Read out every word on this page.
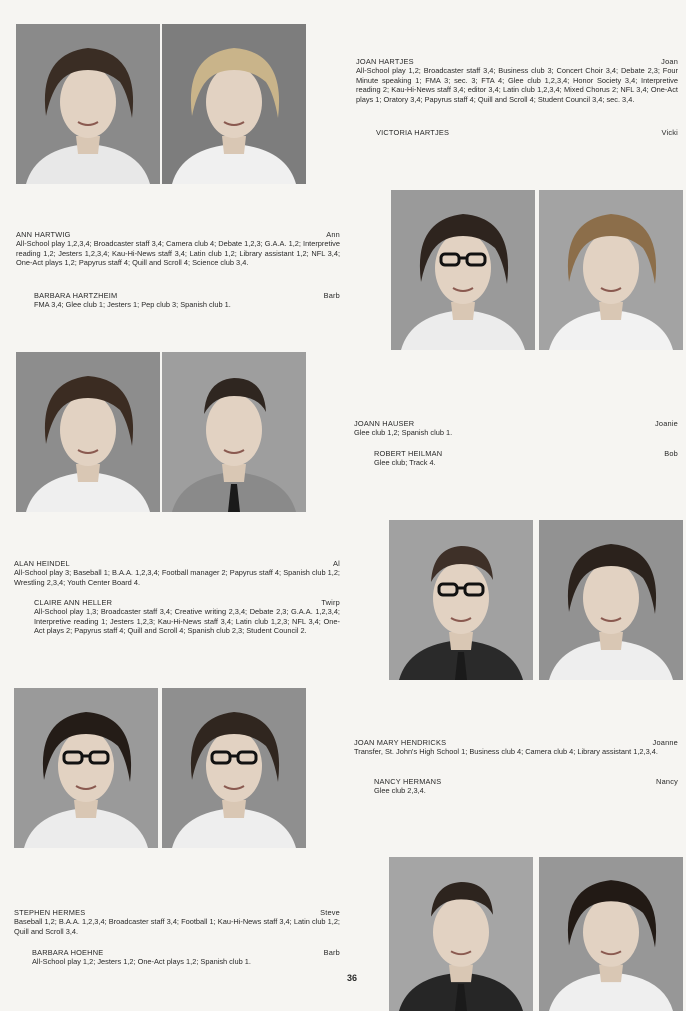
JOAN HARTJES	Joan
All-School play 1,2; Broadcaster staff 3,4; Business club 3; Concert Choir 3,4; Debate 2,3; Four Minute speaking 1; FMA 3; sec. 3; FTA 4; Glee club 1,2,3,4; Honor Society 3,4; Interpretive reading 2; Kau-Hi-News staff 3,4; editor 3,4; Latin club 1,2,3,4; Mixed Chorus 2; NFL 3,4; One-Act plays 1; Oratory 3,4; Papyrus staff 4; Quill and Scroll 4; Student Council 3,4; sec. 3,4.
VICTORIA HARTJES	Vicki
ANN HARTWIG	Ann
All-School play 1,2,3,4; Broadcaster staff 3,4; Camera club 4; Debate 1,2,3; G.A.A. 1,2; Interpretive reading 1,2; Jesters 1,2,3,4; Kau-Hi-News staff 3,4; Latin club 1,2; Library assistant 1,2; NFL 3,4; One-Act plays 1,2; Papyrus staff 4; Quill and Scroll 4; Science club 3,4.
BARBARA HARTZHEIM	Barb
FMA 3,4; Glee club 1; Jesters 1; Pep club 3; Spanish club 1.
JOANN HAUSER	Joanie
Glee club 1,2; Spanish club 1.
ROBERT HEILMAN	Bob
Glee club; Track 4.
ALAN HEINDEL	Al
All-School play 3; Baseball 1; B.A.A. 1,2,3,4; Football manager 2; Papyrus staff 4; Spanish club 1,2; Wrestling 2,3,4; Youth Center Board 4.
CLAIRE ANN HELLER	Twirp
All-School play 1,3; Broadcaster staff 3,4; Creative writing 2,3,4; Debate 2,3; G.A.A. 1,2,3,4; Interpretive reading 1; Jesters 1,2,3; Kau-Hi-News staff 3,4; Latin club 1,2,3; NFL 3,4; One-Act plays 2; Papyrus staff 4; Quill and Scroll 4; Spanish club 2,3; Student Council 2.
JOAN MARY HENDRICKS	Joanne
Transfer, St. John's High School 1; Business club 4; Camera club 4; Library assistant 1,2,3,4.
NANCY HERMANS	Nancy
Glee club 2,3,4.
STEPHEN HERMES	Steve
Baseball 1,2; B.A.A. 1,2,3,4; Broadcaster staff 3,4; Football 1; Kau-Hi-News staff 3,4; Latin club 1,2; Quill and Scroll 3,4.
BARBARA HOEHNE	Barb
All-School play 1,2; Jesters 1,2; One-Act plays 1,2; Spanish club 1.
36
